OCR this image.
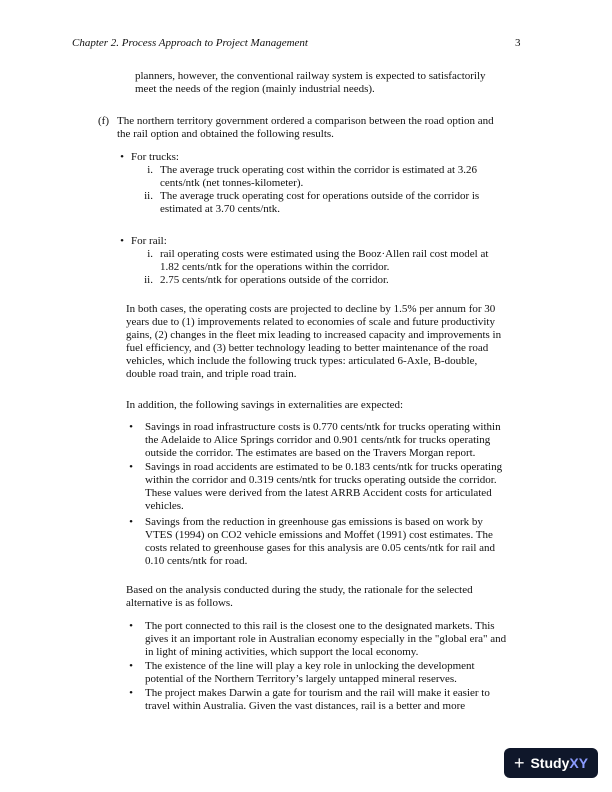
Chapter 2. Process Approach to Project Management	3

planners, however, the conventional railway system is expected to satisfactorily

meet the needs of the region (mainly industrial needs).

(f) The northern territory government ordered a comparison between the road option and

the rail option and obtained the following results.

• For trucks:
i. The average truck operating cost within the corridor is estimated at 3.26

cents/ntk (net tonnes-kilometer).

ii. The average truck operating cost for operations outside of the corridor is

estimated at 3.70 cents/ntk.

• For rail:
i. rail operating costs were estimated using the Booz·Allen rail cost model at

1.82 cents/ntk for the operations within the corridor.

ii. 2.75 cents/ntk for operations outside of the corridor.

In both cases, the operating costs are projected to decline by 1.5% per annum for 30

years due to (1) improvements related to economies of scale and future productivity

gains, (2) changes in the fleet mix leading to increased capacity and improvements in

fuel efficiency, and (3) better technology leading to better maintenance of the road

vehicles, which include the following truck types: articulated 6-Axle, B-double,

double road train, and triple road train.

In addition, the following savings in externalities are expected:
• Savings in road infrastructure costs is 0.770 cents/ntk for trucks operating within

the Adelaide to Alice Springs corridor and 0.901 cents/ntk for trucks operating

outside the corridor. The estimates are based on the Travers Morgan report.

• Savings in road accidents are estimated to be 0.183 cents/ntk for trucks operating

within the corridor and 0.319 cents/ntk for trucks operating outside the corridor.

These values were derived from the latest ARRB Accident costs for articulated

vehicles.

• Savings from the reduction in greenhouse gas emissions is based on work by

VTES (1994) on CO2 vehicle emissions and Moffet (1991) cost estimates. The

costs related to greenhouse gases for this analysis are 0.05 cents/ntk for rail and

0.10 cents/ntk for road.

Based on the analysis conducted during the study, the rationale for the selected

alternative is as follows.

• The port connected to this rail is the closest one to the designated markets. This

gives it an important role in Australian economy especially in the "global era" and

in light of mining activities, which support the local economy.

• The existence of the line will play a key role in unlocking the development

potential of the Northern Territory’s largely untapped mineral reserves.

• The project makes Darwin a gate for tourism and the rail will make it easier to

travel within Australia. Given the vast distances, rail is a better and more

+ StudyXY
